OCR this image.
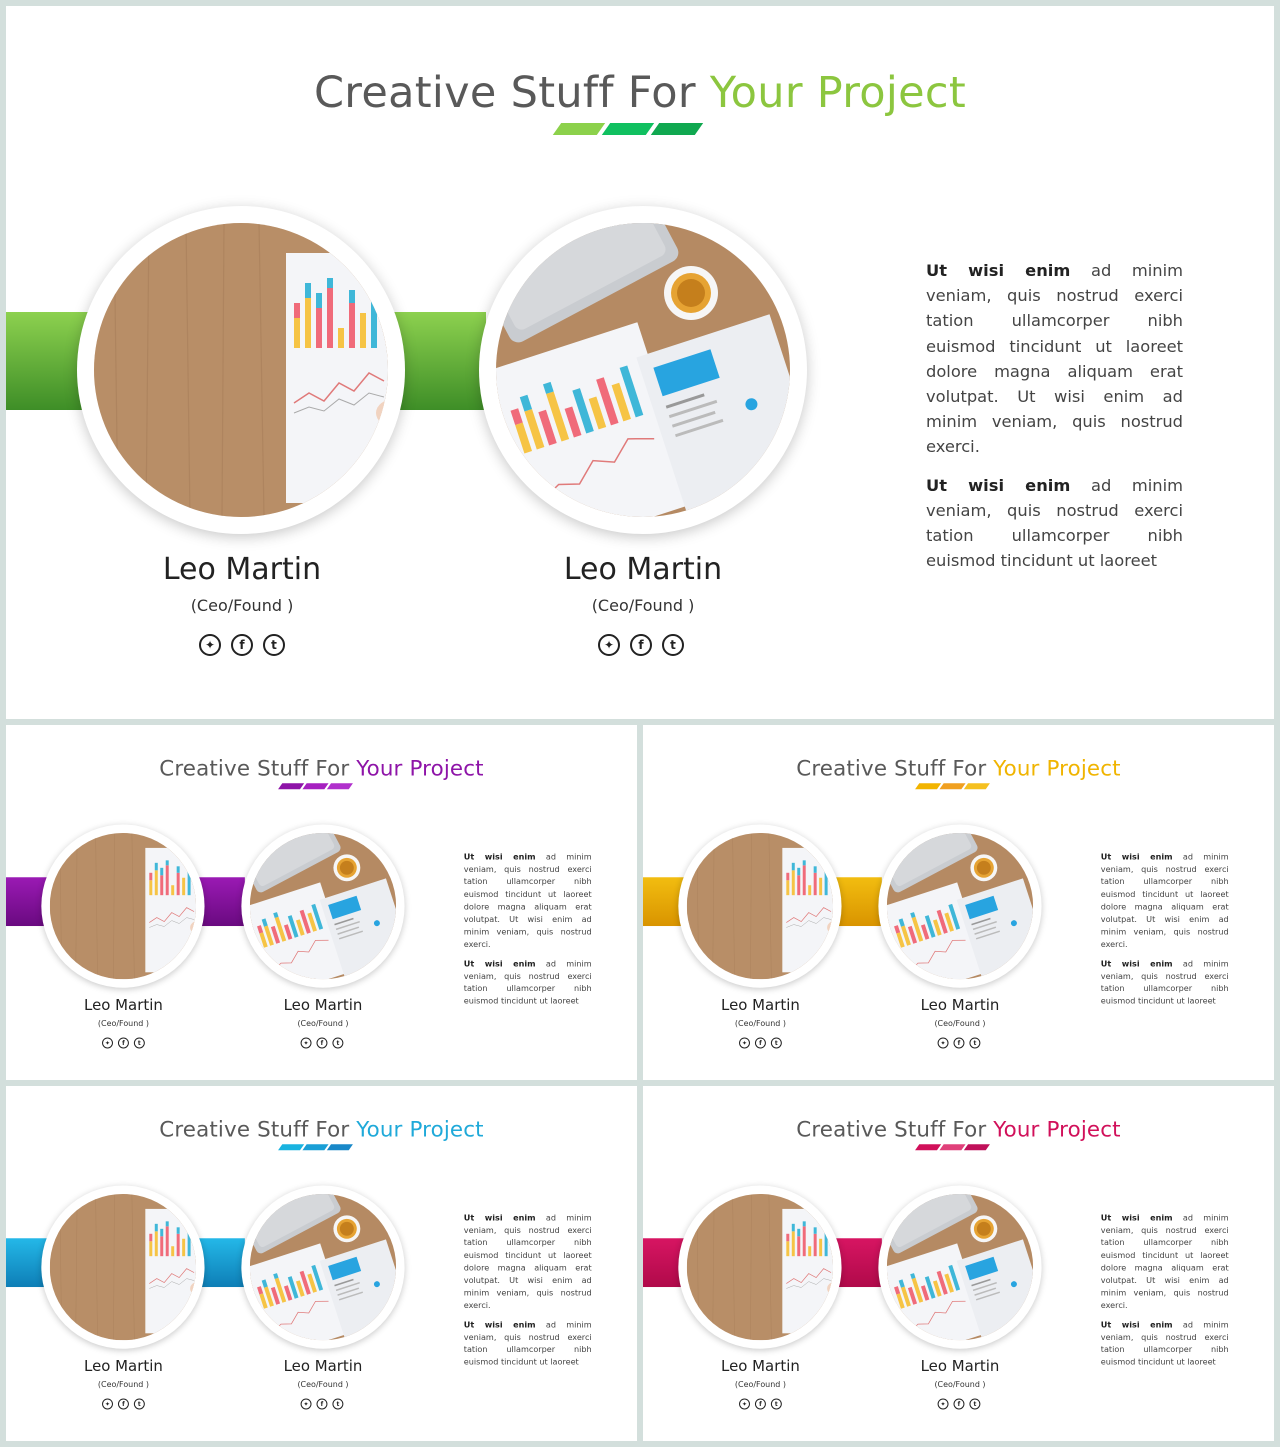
Creative Stuff For Your Project
Leo Martin
(Ceo/Found )
✦	f	t
Leo Martin
(Ceo/Found )
✦	f	t

Ut wisi enim ad minim veniam, quis nostrud exerci tation ullamcorper nibh euismod tincidunt ut laoreet dolore magna aliquam erat volutpat. Ut wisi enim ad minim veniam, quis nostrud exerci.

Ut wisi enim ad minim veniam, quis nostrud exerci tation ullamcorper nibh euismod tincidunt ut laoreet

Creative Stuff For Your Project
Leo Martin
(Ceo/Found )
✦	f	t
Leo Martin
(Ceo/Found )
✦	f	t

Ut wisi enim ad minim veniam, quis nostrud exerci tation ullamcorper nibh euismod tincidunt ut laoreet dolore magna aliquam erat volutpat. Ut wisi enim ad minim veniam, quis nostrud exerci.

Ut wisi enim ad minim veniam, quis nostrud exerci tation ullamcorper nibh euismod tincidunt ut laoreet

Creative Stuff For Your Project
Leo Martin
(Ceo/Found )
✦	f	t
Leo Martin
(Ceo/Found )
✦	f	t

Ut wisi enim ad minim veniam, quis nostrud exerci tation ullamcorper nibh euismod tincidunt ut laoreet dolore magna aliquam erat volutpat. Ut wisi enim ad minim veniam, quis nostrud exerci.

Ut wisi enim ad minim veniam, quis nostrud exerci tation ullamcorper nibh euismod tincidunt ut laoreet

Creative Stuff For Your Project
Leo Martin
(Ceo/Found )
✦	f	t
Leo Martin
(Ceo/Found )
✦	f	t

Ut wisi enim ad minim veniam, quis nostrud exerci tation ullamcorper nibh euismod tincidunt ut laoreet dolore magna aliquam erat volutpat. Ut wisi enim ad minim veniam, quis nostrud exerci.

Ut wisi enim ad minim veniam, quis nostrud exerci tation ullamcorper nibh euismod tincidunt ut laoreet

Creative Stuff For Your Project
Leo Martin
(Ceo/Found )
✦	f	t
Leo Martin
(Ceo/Found )
✦	f	t

Ut wisi enim ad minim veniam, quis nostrud exerci tation ullamcorper nibh euismod tincidunt ut laoreet dolore magna aliquam erat volutpat. Ut wisi enim ad minim veniam, quis nostrud exerci.

Ut wisi enim ad minim veniam, quis nostrud exerci tation ullamcorper nibh euismod tincidunt ut laoreet
